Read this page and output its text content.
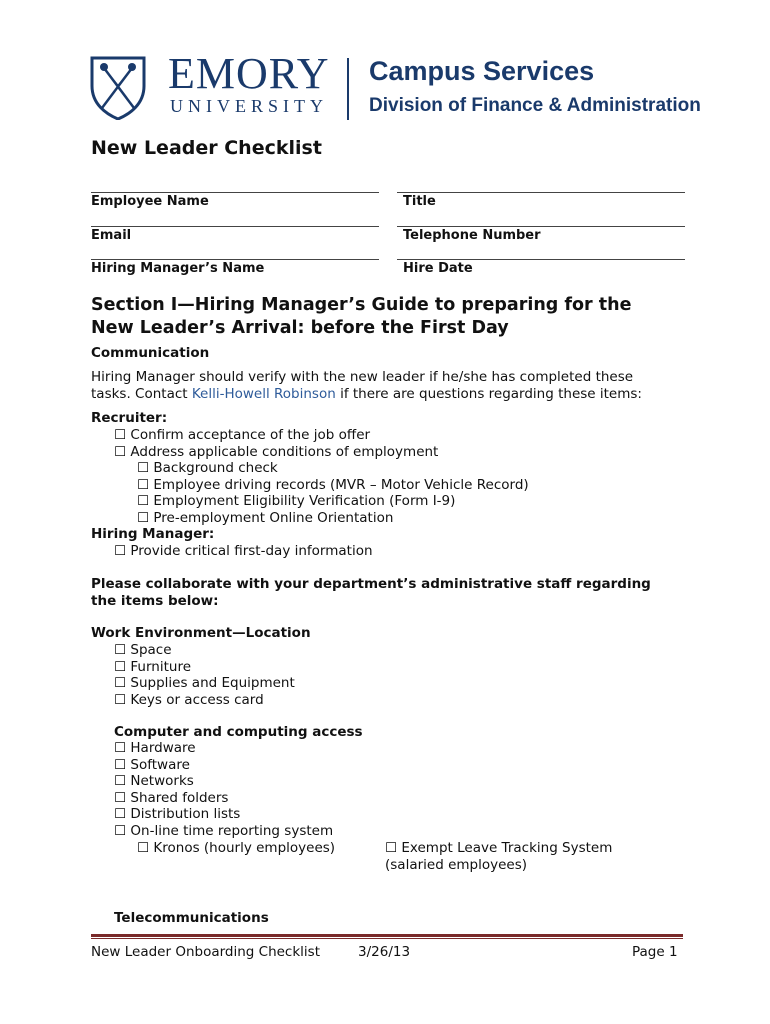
EMORY
UNIVERSITY
Campus Services
Division of Finance & Administration
New Leader Checklist
Employee Name	Title
Email	Telephone Number
Hiring Manager’s Name	Hire Date
Section I—Hiring Manager’s Guide to preparing for the
New Leader’s Arrival: before the First Day
Communication
Hiring Manager should verify with the new leader if he/she has completed these
tasks. Contact Kelli-Howell Robinson if there are questions regarding these items:
Recruiter:
☐ Confirm acceptance of the job offer
☐ Address applicable conditions of employment
☐ Background check
☐ Employee driving records (MVR – Motor Vehicle Record)
☐ Employment Eligibility Verification (Form I-9)
☐ Pre-employment Online Orientation
Hiring Manager:
☐ Provide critical first-day information
Please collaborate with your department’s administrative staff regarding
the items below:
Work Environment—Location
☐ Space
☐ Furniture
☐ Supplies and Equipment
☐ Keys or access card
Computer and computing access
☐ Hardware
☐ Software
☐ Networks
☐ Shared folders
☐ Distribution lists
☐ On-line time reporting system
☐ Kronos (hourly employees)	☐ Exempt Leave Tracking System
(salaried employees)
Telecommunications
New Leader Onboarding Checklist	3/26/13	Page 1
